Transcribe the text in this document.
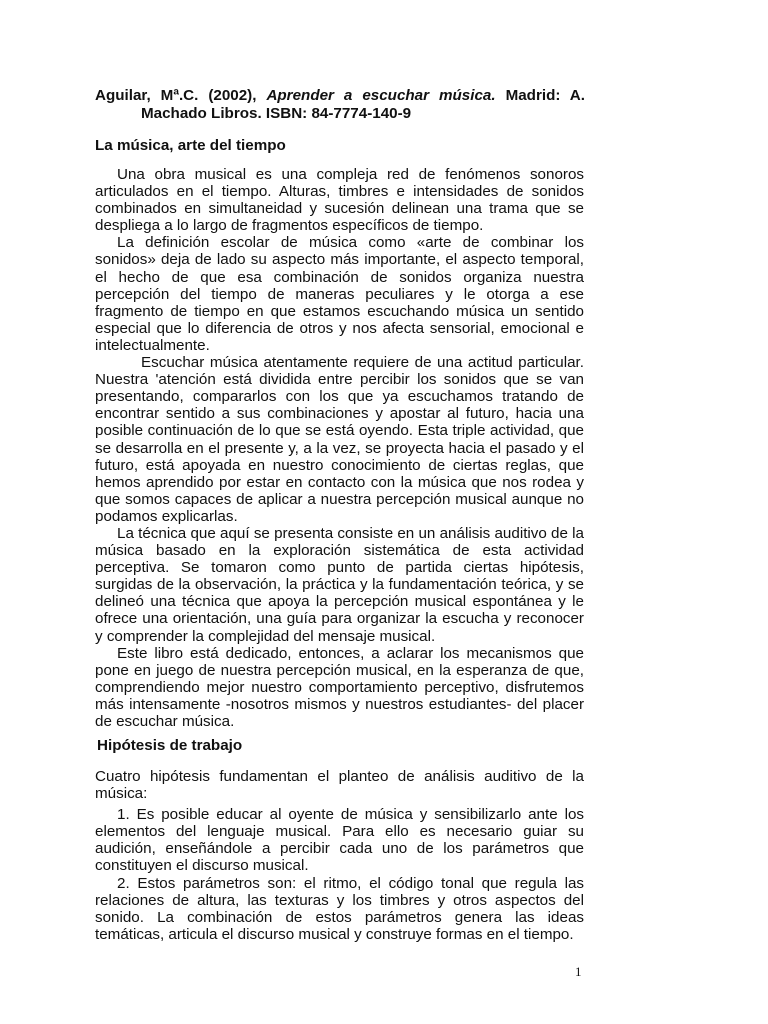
Aguilar, Mª.C. (2002), Aprender a escuchar música. Madrid: A.
Machado Libros. ISBN: 84-7774-140-9
La música, arte del tiempo

Una obra musical es una compleja red de fenómenos sonoros articulados en el tiempo. Alturas, timbres e intensidades de sonidos combinados en simultaneidad y sucesión delinean una trama que se despliega a lo largo de fragmentos específicos de tiempo.

La definición escolar de música como «arte de combinar los sonidos» deja de lado su aspecto más importante, el aspecto temporal, el hecho de que esa combinación de sonidos organiza nuestra percepción del tiempo de maneras peculiares y le otorga a ese fragmento de tiempo en que estamos escuchando música un sentido especial que lo diferencia de otros y nos afecta sensorial, emocional e intelectualmente.

Escuchar música atentamente requiere de una actitud particular. Nuestra 'atención está dividida entre percibir los sonidos que se van presentando, compararlos con los que ya escuchamos tratando de encontrar sentido a sus combinaciones y apostar al futuro, hacia una posible continuación de lo que se está oyendo. Esta triple actividad, que se desarrolla en el presente y, a la vez, se proyecta hacia el pasado y el futuro, está apoyada en nuestro conocimiento de ciertas reglas, que hemos aprendido por estar en contacto con la música que nos rodea y que somos capaces de aplicar a nuestra percepción musical aunque no podamos explicarlas.

La técnica que aquí se presenta consiste en un análisis auditivo de la música basado en la exploración sistemática de esta actividad perceptiva. Se tomaron como punto de partida ciertas hipótesis, surgidas de la observación, la práctica y la fundamentación teórica, y se delineó una técnica que apoya la percepción musical espontánea y le ofrece una orientación, una guía para organizar la escucha y reconocer y comprender la complejidad del mensaje musical.

Este libro está dedicado, entonces, a aclarar los mecanismos que pone en juego de nuestra percepción musical, en la esperanza de que, comprendiendo mejor nuestro comportamiento perceptivo, disfrutemos más intensamente -nosotros mismos y nuestros estudiantes- del placer de escuchar música.

Hipótesis de trabajo

Cuatro hipótesis fundamentan el planteo de análisis auditivo de la música:

1. Es posible educar al oyente de música y sensibilizarlo ante los elementos del lenguaje musical. Para ello es necesario guiar su audición, enseñándole a percibir cada uno de los parámetros que constituyen el discurso musical.

2. Estos parámetros son: el ritmo, el código tonal que regula las relaciones de altura, las texturas y los timbres y otros aspectos del sonido. La combinación de estos parámetros genera las ideas temáticas, articula el discurso musical y construye formas en el tiempo.

1
